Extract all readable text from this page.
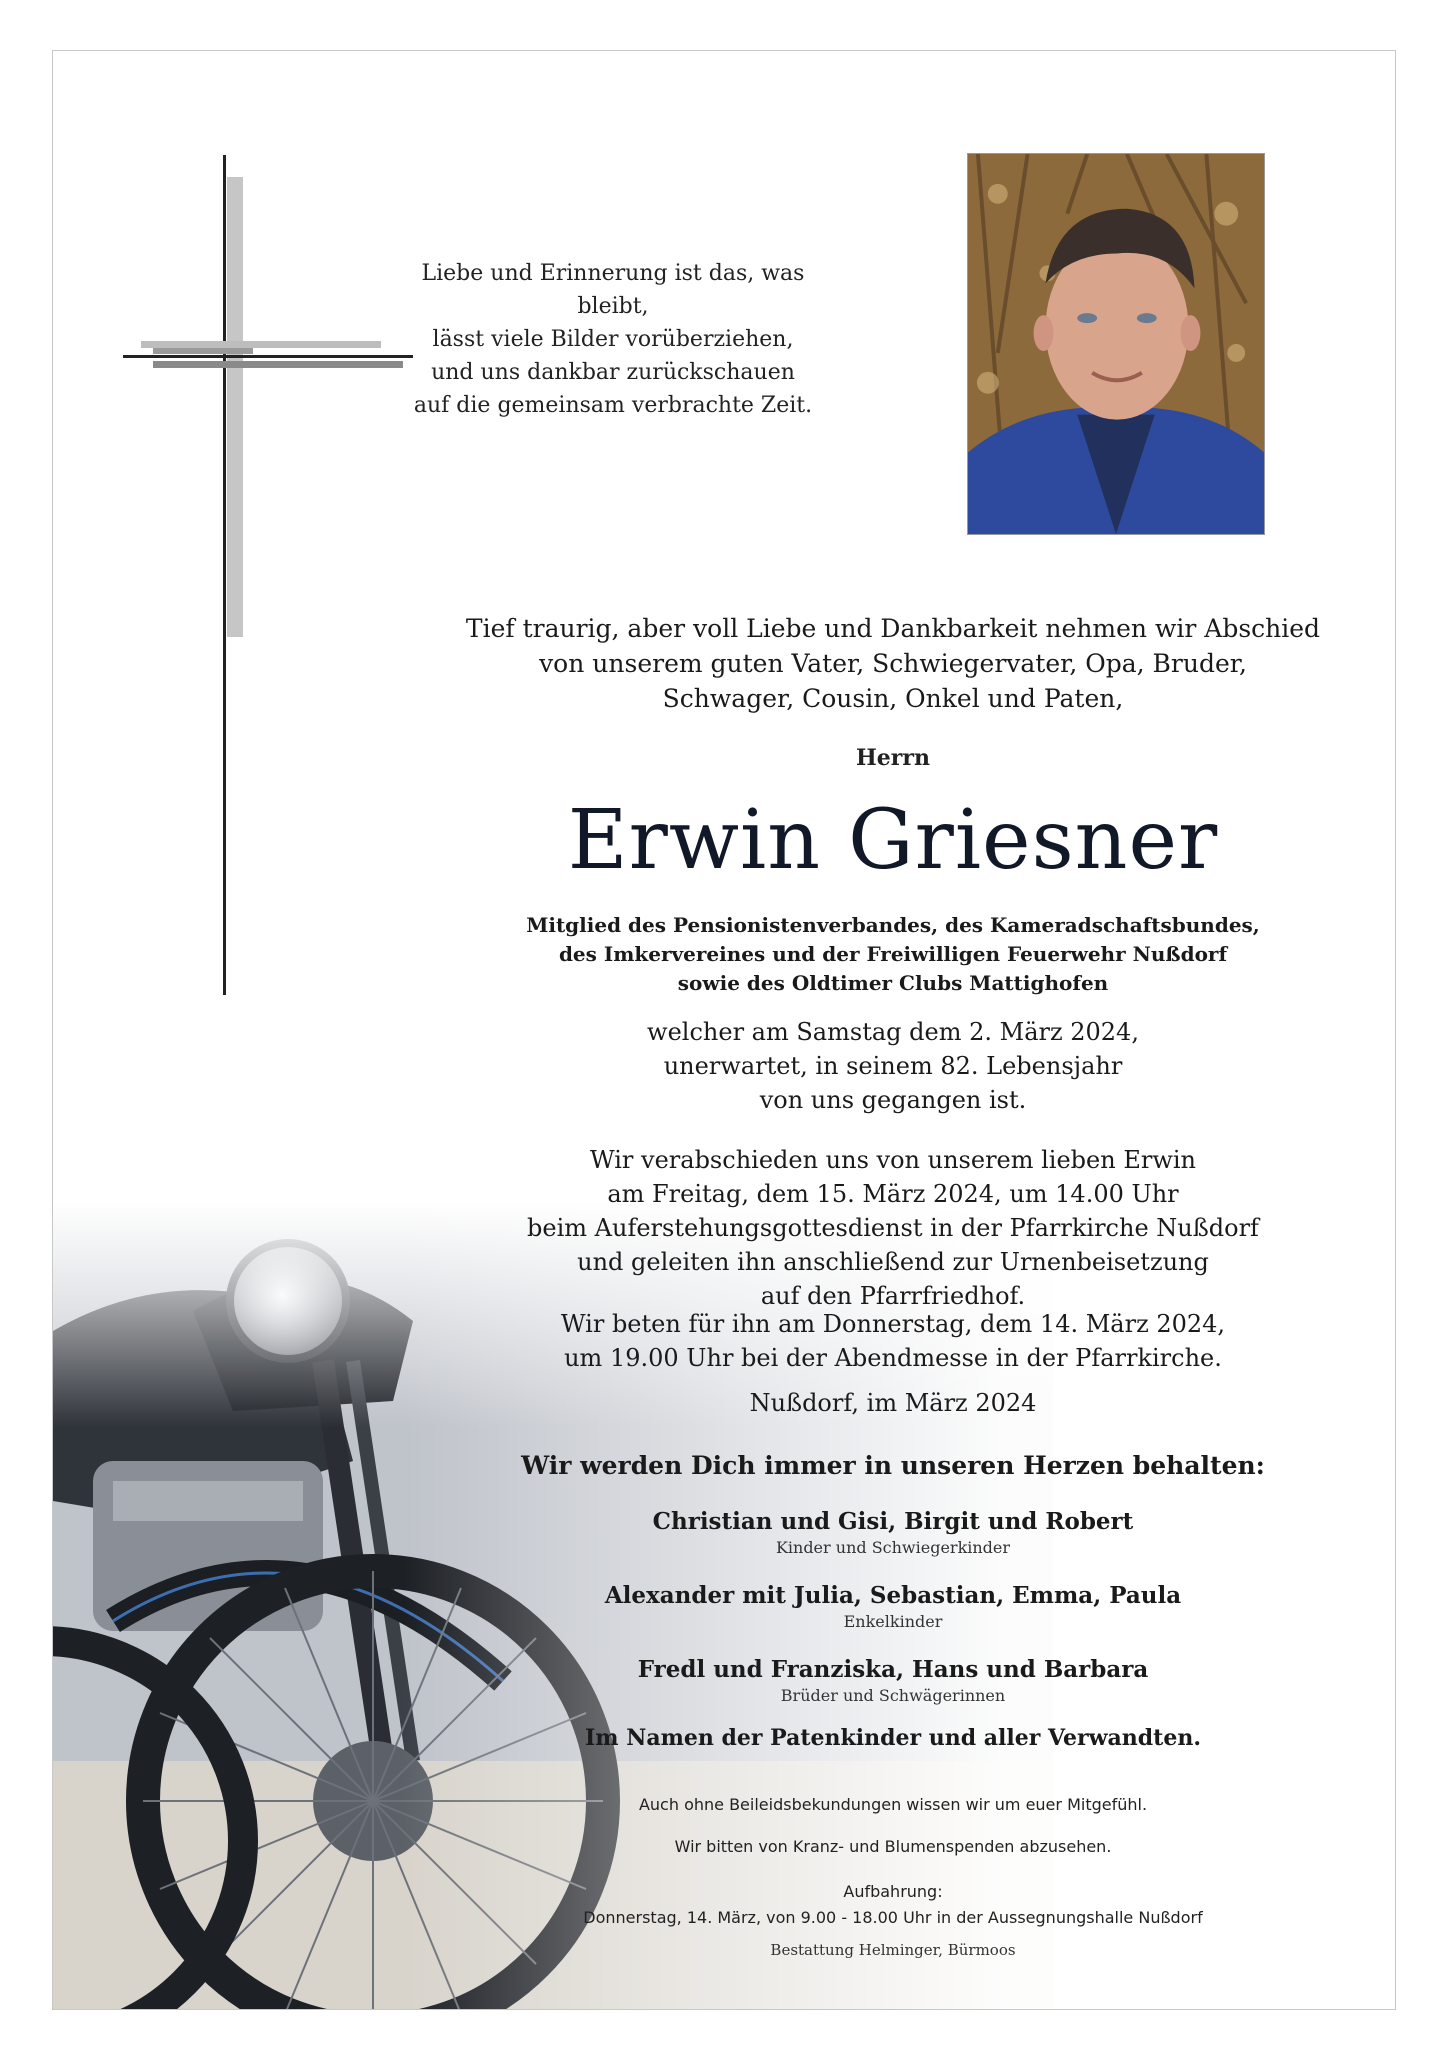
Liebe und Erinnerung ist das, was bleibt,
lässt viele Bilder vorüberziehen,
und uns dankbar zurückschauen
auf die gemeinsam verbrachte Zeit.
Tief traurig, aber voll Liebe und Dankbarkeit nehmen wir Abschied
von unserem guten Vater, Schwiegervater, Opa, Bruder,
Schwager, Cousin, Onkel und Paten,
Herrn
Erwin Griesner
Mitglied des Pensionistenverbandes, des Kameradschaftsbundes,
des Imkervereines und der Freiwilligen Feuerwehr Nußdorf
sowie des Oldtimer Clubs Mattighofen
welcher am Samstag dem 2. März 2024,
unerwartet, in seinem 82. Lebensjahr
von uns gegangen ist.
Wir verabschieden uns von unserem lieben Erwin
am Freitag, dem 15. März 2024, um 14.00 Uhr
beim Auferstehungsgottesdienst in der Pfarrkirche Nußdorf
und geleiten ihn anschließend zur Urnenbeisetzung
auf den Pfarrfriedhof.
Wir beten für ihn am Donnerstag, dem 14. März 2024,
um 19.00 Uhr bei der Abendmesse in der Pfarrkirche.
Nußdorf, im März 2024
Wir werden Dich immer in unseren Herzen behalten:
Christian und Gisi, Birgit und Robert
Kinder und Schwiegerkinder
Alexander mit Julia, Sebastian, Emma, Paula
Enkelkinder
Fredl und Franziska, Hans und Barbara
Brüder und Schwägerinnen
Im Namen der Patenkinder und aller Verwandten.
Auch ohne Beileidsbekundungen wissen wir um euer Mitgefühl.
Wir bitten von Kranz- und Blumenspenden abzusehen.
Aufbahrung:
Donnerstag, 14. März, von 9.00 - 18.00 Uhr in der Aussegnungshalle Nußdorf
Bestattung Helminger, Bürmoos
